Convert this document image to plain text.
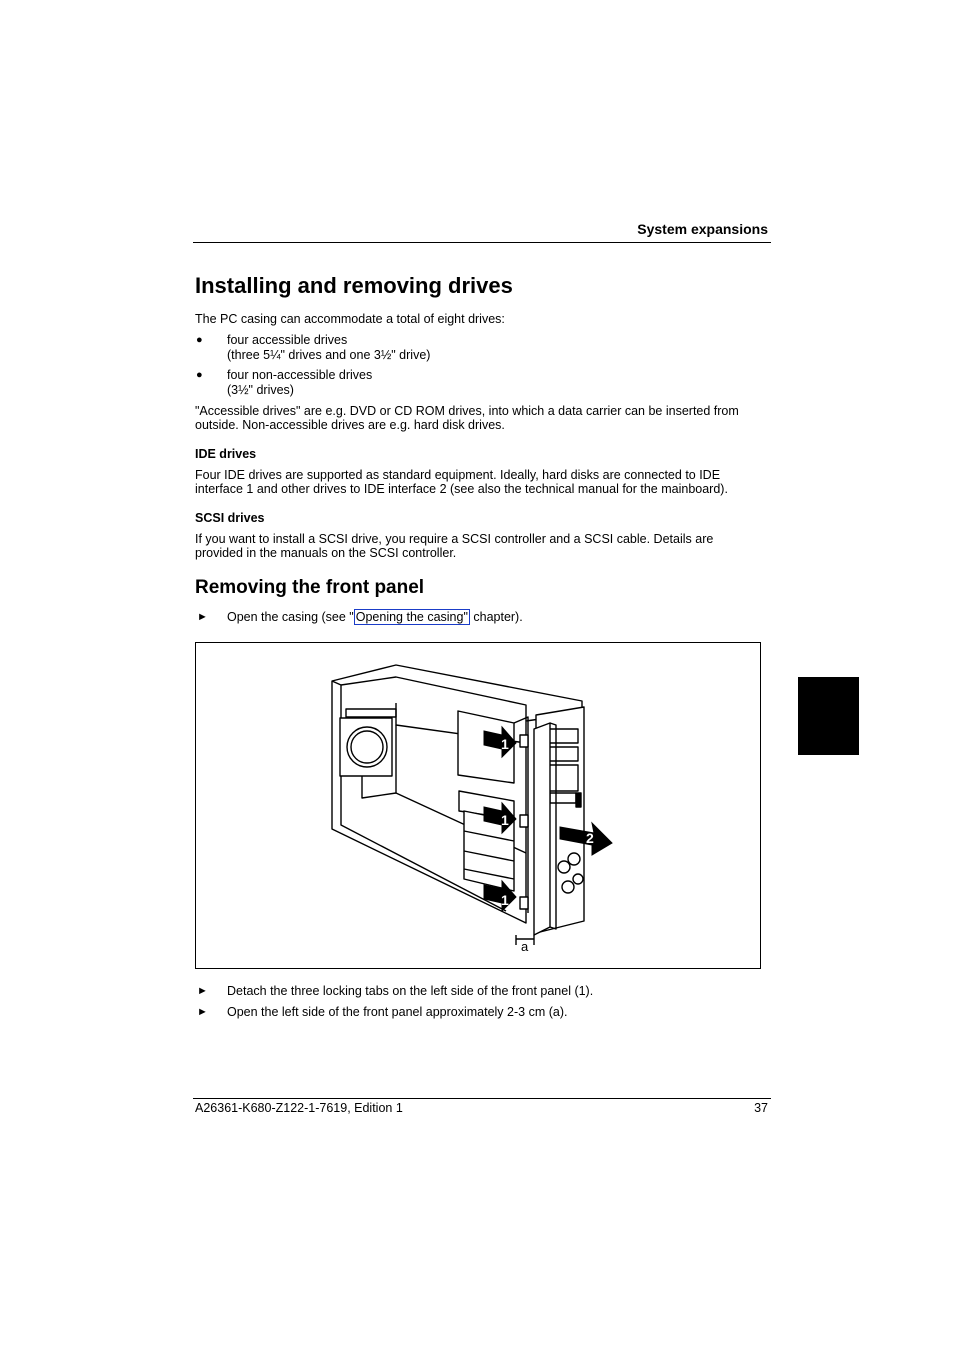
System expansions
Installing and removing drives
The PC casing can accommodate a total of eight drives:
● four accessible drives
(three 5¼" drives and one 3½" drive)
● four non-accessible drives
(3½" drives)
"Accessible drives" are e.g. DVD or CD ROM drives, into which a data carrier can be inserted from
outside. Non-accessible drives are e.g. hard disk drives.
IDE drives
Four IDE drives are supported as standard equipment. Ideally, hard disks are connected to IDE
interface 1 and other drives to IDE interface 2 (see also the technical manual for the mainboard).
SCSI drives
If you want to install a SCSI drive, you require a SCSI controller and a SCSI cable. Details are
provided in the manuals on the SCSI controller.
Removing the front panel
► Open the casing (see " Opening the casing" chapter).
1
1
1
2
a
► Detach the three locking tabs on the left side of the front panel (1).
► Open the left side of the front panel approximately 2-3 cm (a).
A26361-K680-Z122-1-7619, Edition 1	37
